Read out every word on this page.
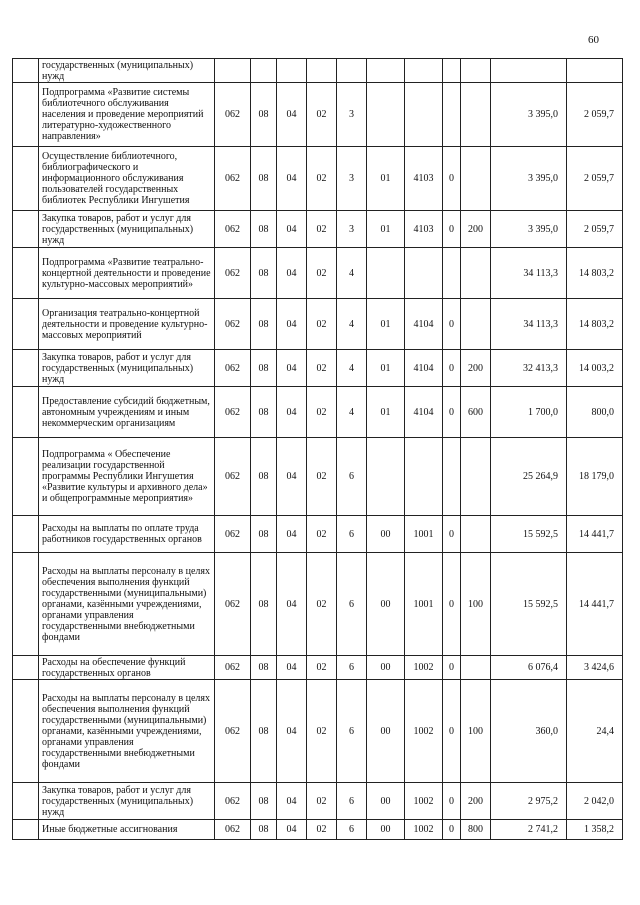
60
	государственных (муниципальных) нужд											
	Подпрограмма «Развитие системы библиотечного обслуживания населения и проведение мероприятий литературно-художественного направления»	062	08	04	02	3					3 395,0	2 059,7
	Осуществление библиотечного, библиографического и информационного обслуживания пользователей государственных библиотек Республики Ингушетия	062	08	04	02	3	01	4103	0		3 395,0	2 059,7
	Закупка товаров, работ и услуг для государственных (муниципальных) нужд	062	08	04	02	3	01	4103	0	200	3 395,0	2 059,7
	Подпрограмма «Развитие театрально-концертной деятельности и проведение культурно-массовых мероприятий»	062	08	04	02	4					34 113,3	14 803,2
	Организация театрально-концертной деятельности и проведение культурно-массовых мероприятий	062	08	04	02	4	01	4104	0		34 113,3	14 803,2
	Закупка товаров, работ и услуг для государственных (муниципальных) нужд	062	08	04	02	4	01	4104	0	200	32 413,3	14 003,2
	Предоставление субсидий бюджетным, автономным учреждениям и иным некоммерческим организациям	062	08	04	02	4	01	4104	0	600	1 700,0	800,0
	Подпрограмма « Обеспечение реализации государственной программы Республики Ингушетия «Развитие культуры и архивного дела» и общепрограммные мероприятия»	062	08	04	02	6					25 264,9	18 179,0
	Расходы на выплаты по оплате труда работников государственных органов	062	08	04	02	6	00	1001	0		15 592,5	14 441,7
	Расходы на выплаты персоналу в целях обеспечения выполнения функций государственными (муниципальными) органами, казёнными учреждениями, органами управления государственными внебюджетными фондами	062	08	04	02	6	00	1001	0	100	15 592,5	14 441,7
	Расходы на обеспечение функций государственных органов	062	08	04	02	6	00	1002	0		6 076,4	3 424,6
	Расходы на выплаты персоналу в целях обеспечения выполнения функций государственными (муниципальными) органами, казёнными учреждениями, органами управления государственными внебюджетными фондами	062	08	04	02	6	00	1002	0	100	360,0	24,4
	Закупка товаров, работ и услуг для государственных (муниципальных) нужд	062	08	04	02	6	00	1002	0	200	2 975,2	2 042,0
	Иные бюджетные ассигнования	062	08	04	02	6	00	1002	0	800	2 741,2	1 358,2
